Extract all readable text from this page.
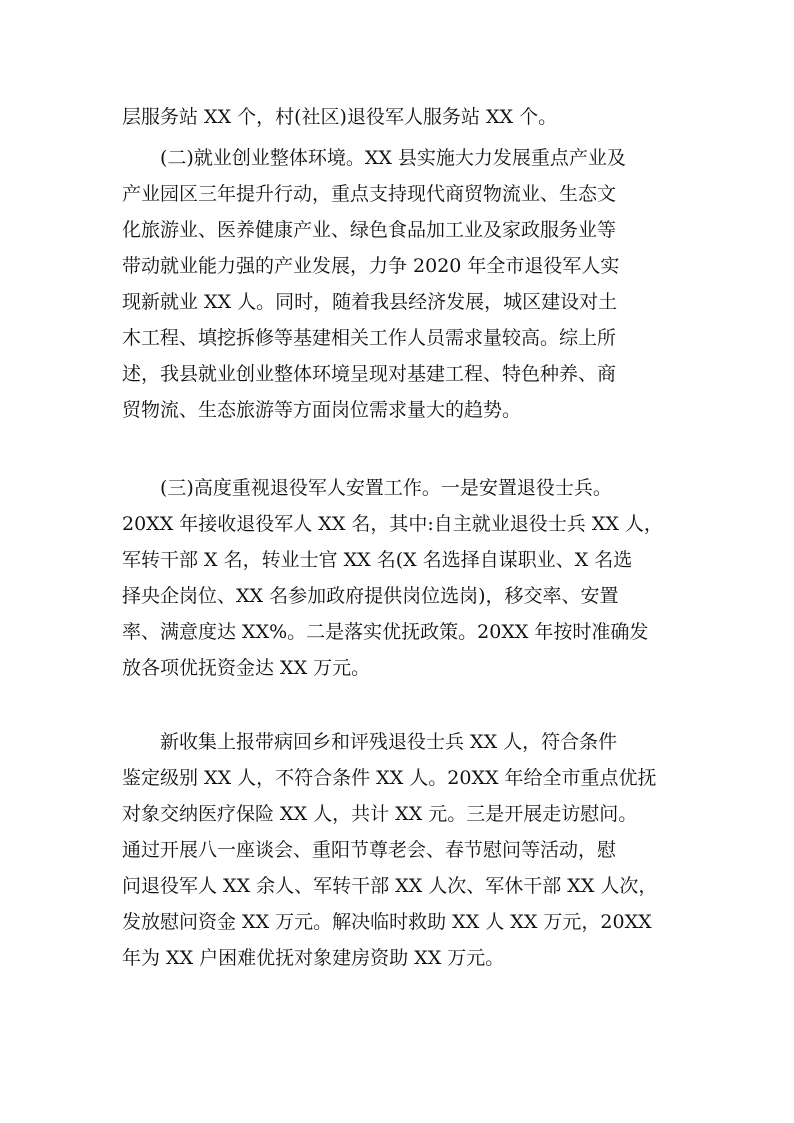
层服务站 XX 个，村(社区)退役军人服务站 XX 个。
(二)就业创业整体环境。XX 县实施大力发展重点产业及
产业园区三年提升行动，重点支持现代商贸物流业、生态文
化旅游业、医养健康产业、绿色食品加工业及家政服务业等
带动就业能力强的产业发展，力争 2020 年全市退役军人实
现新就业 XX 人。同时，随着我县经济发展，城区建设对土
木工程、填挖拆修等基建相关工作人员需求量较高。综上所
述，我县就业创业整体环境呈现对基建工程、特色种养、商
贸物流、生态旅游等方面岗位需求量大的趋势。
(三)高度重视退役军人安置工作。一是安置退役士兵。
20XX 年接收退役军人 XX 名，其中:自主就业退役士兵 XX 人，
军转干部 X 名，转业士官 XX 名(X 名选择自谋职业、X 名选
择央企岗位、XX 名参加政府提供岗位选岗)，移交率、安置
率、满意度达 XX%。二是落实优抚政策。20XX 年按时准确发
放各项优抚资金达 XX 万元。
新收集上报带病回乡和评残退役士兵 XX 人，符合条件
鉴定级别 XX 人，不符合条件 XX 人。20XX 年给全市重点优抚
对象交纳医疗保险 XX 人，共计 XX 元。三是开展走访慰问。
通过开展八一座谈会、重阳节尊老会、春节慰问等活动，慰
问退役军人 XX 余人、军转干部 XX 人次、军休干部 XX 人次，
发放慰问资金 XX 万元。解决临时救助 XX 人 XX 万元，20XX
年为 XX 户困难优抚对象建房资助 XX 万元。
